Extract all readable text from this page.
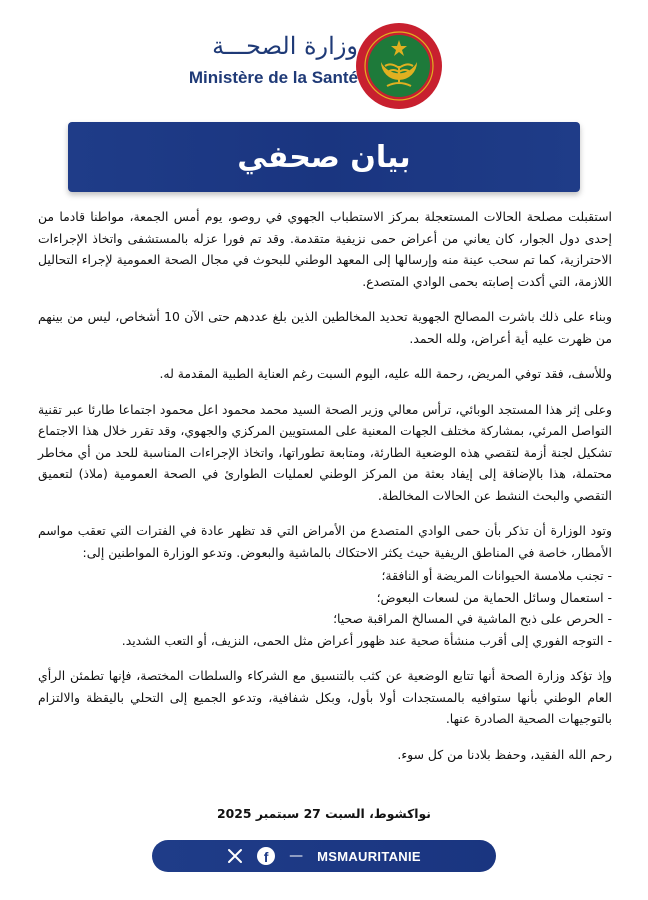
وزارة الصحـــة
Ministère de la Santé
بيان صحفي

استقبلت مصلحة الحالات المستعجلة بمركز الاستطباب الجهوي في روصو، يوم أمس الجمعة، مواطنا قادما من إحدى دول الجوار، كان يعاني من أعراض حمى نزيفية متقدمة. وقد تم فورا عزله بالمستشفى واتخاذ الإجراءات الاحترازية، كما تم سحب عينة منه وإرسالها إلى المعهد الوطني للبحوث في مجال الصحة العمومية لإجراء التحاليل اللازمة، التي أكدت إصابته بحمى الوادي المتصدع.

وبناء على ذلك باشرت المصالح الجهوية تحديد المخالطين الذين بلغ عددهم حتى الآن 10 أشخاص، ليس من بينهم من ظهرت عليه أية أعراض، ولله الحمد.

وللأسف، فقد توفي المريض، رحمة الله عليه، اليوم السبت رغم العناية الطبية المقدمة له.

وعلى إثر هذا المستجد الوبائي، ترأس معالي وزير الصحة السيد محمد محمود اعل محمود اجتماعا طارئا عبر تقنية التواصل المرئي، بمشاركة مختلف الجهات المعنية على المستويين المركزي والجهوي، وقد تقرر خلال هذا الاجتماع تشكيل لجنة أزمة لتقصي هذه الوضعية الطارئة، ومتابعة تطوراتها، واتخاذ الإجراءات المناسبة للحد من أي مخاطر محتملة، هذا بالإضافة إلى إيفاد بعثة من المركز الوطني لعمليات الطوارئ في الصحة العمومية (ملاذ) لتعميق التقصي والبحث النشط عن الحالات المخالطة.

وتود الوزارة أن تذكر بأن حمى الوادي المتصدع من الأمراض التي قد تظهر عادة في الفترات التي تعقب مواسم الأمطار، خاصة في المناطق الريفية حيث يكثر الاحتكاك بالماشية والبعوض. وتدعو الوزارة المواطنين إلى:

- تجنب ملامسة الحيوانات المريضة أو النافقة؛
- استعمال وسائل الحماية من لسعات البعوض؛
- الحرص على ذبح الماشية في المسالخ المراقبة صحيا؛
- التوجه الفوري إلى أقرب منشأة صحية عند ظهور أعراض مثل الحمى، النزيف، أو التعب الشديد.

وإذ تؤكد وزارة الصحة أنها تتابع الوضعية عن كثب بالتنسيق مع الشركاء والسلطات المختصة، فإنها تطمئن الرأي العام الوطني بأنها ستوافيه بالمستجدات أولا بأول، وبكل شفافية، وتدعو الجميع إلى التحلي باليقظة والالتزام بالتوجيهات الصحية الصادرة عنها.

رحم الله الفقيد، وحفظ بلادنا من كل سوء.

نواكشوط، السبت 27 سبتمبر 2025
f	— MSMAURITANIE
